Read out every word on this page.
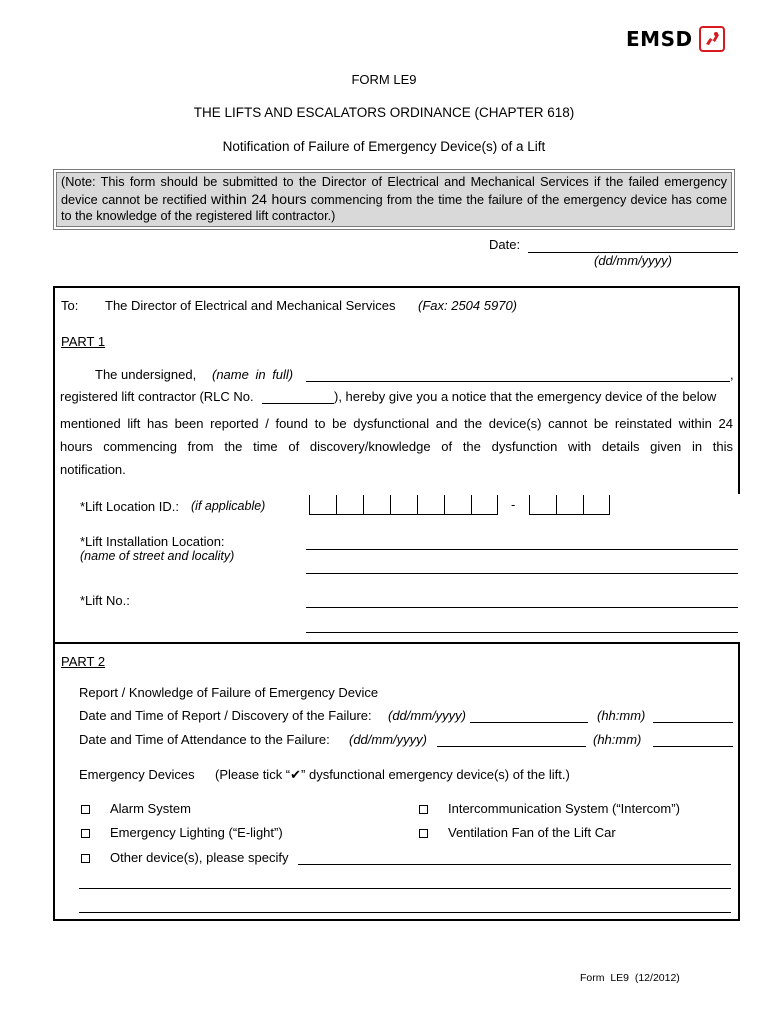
EMSD
FORM LE9
THE LIFTS AND ESCALATORS ORDINANCE (CHAPTER 618)
Notification of Failure of Emergency Device(s) of a Lift
(Note: This form should be submitted to the Director of Electrical and Mechanical Services if the failed emergency device cannot be rectified within 24 hours commencing from the time the failure of the emergency device has come to the knowledge of the registered lift contractor.)
Date:
(dd/mm/yyyy)
To: The Director of Electrical and Mechanical Services (Fax: 2504 5970)
PART 1
The undersigned, (name in full)	,
registered lift contractor (RLC No.	), hereby give you a notice that the emergency device of the below
mentioned lift has been reported / found to be dysfunctional and the device(s) cannot be reinstated within 24
hours commencing from the time of discovery/knowledge of the dysfunction with details given in this
notification.
*Lift Location ID.: (if applicable)	-
*Lift Installation Location:
(name of street and locality)
*Lift No.:
PART 2
Report / Knowledge of Failure of Emergency Device
Date and Time of Report / Discovery of the Failure: (dd/mm/yyyy)	(hh:mm)
Date and Time of Attendance to the Failure: (dd/mm/yyyy)	(hh:mm)
Emergency Devices (Please tick “✔” dysfunctional emergency device(s) of the lift.)
Alarm System	Intercommunication System (“Intercom”)
Emergency Lighting (“E-light”)	Ventilation Fan of the Lift Car
Other device(s), please specify
Form  LE9  (12/2012)
